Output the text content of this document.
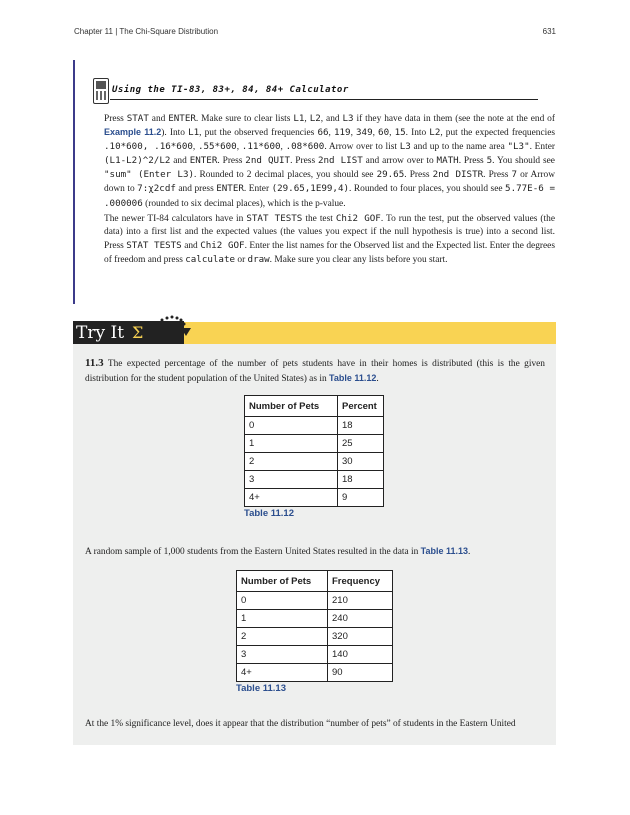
Chapter 11 | The Chi-Square Distribution	631
Using the TI-83, 83+, 84, 84+ Calculator
Press STAT and ENTER. Make sure to clear lists L1, L2, and L3 if they have data in them (see the note at the end of Example 11.2). Into L1, put the observed frequencies 66, 119, 349, 60, 15. Into L2, put the expected frequencies .10*600, .16*600, .55*600, .11*600, .08*600. Arrow over to list L3 and up to the name area "L3". Enter (L1-L2)^2/L2 and ENTER. Press 2nd QUIT. Press 2nd LIST and arrow over to MATH. Press 5. You should see "sum" (Enter L3). Rounded to 2 decimal places, you should see 29.65. Press 2nd DISTR. Press 7 or Arrow down to 7:χ2cdf and press ENTER. Enter (29.65,1E99,4). Rounded to four places, you should see 5.77E-6 = .000006 (rounded to six decimal places), which is the p-value.
The newer TI-84 calculators have in STAT TESTS the test Chi2 GOF. To run the test, put the observed values (the data) into a first list and the expected values (the values you expect if the null hypothesis is true) into a second list. Press STAT TESTS and Chi2 GOF. Enter the list names for the Observed list and the Expected list. Enter the degrees of freedom and press calculate or draw. Make sure you clear any lists before you start.
Try It Σ
11.3 The expected percentage of the number of pets students have in their homes is distributed (this is the given distribution for the student population of the United States) as in Table 11.12.
Number of Pets	Percent
0	18
1	25
2	30
3	18
4+	9
Table 11.12
A random sample of 1,000 students from the Eastern United States resulted in the data in Table 11.13.
Number of Pets	Frequency
0	210
1	240
2	320
3	140
4+	90
Table 11.13
At the 1% significance level, does it appear that the distribution “number of pets” of students in the Eastern United
